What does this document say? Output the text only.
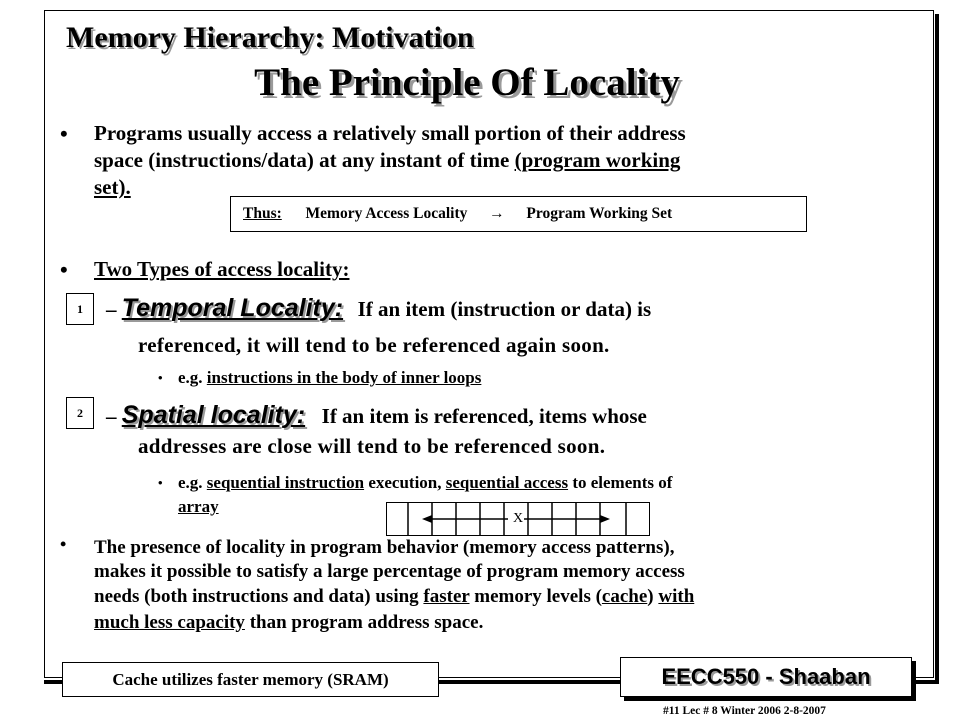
Memory Hierarchy: Motivation
The Principle Of Locality
• Programs usually access a relatively small portion of their address
space (instructions/data) at any instant of time (program working
set).
Thus: Memory Access Locality → Program Working Set
• Two Types of access locality:
1	– Temporal Locality: If an item (instruction or data) is
referenced, it will tend to be referenced again soon.
• e.g. instructions in the body of inner loops
2	– Spatial locality: If an item is referenced, items whose
addresses are close will tend to be referenced soon.
• e.g. sequential instruction execution, sequential access to elements of
array
X
• The presence of locality in program behavior (memory access patterns),
makes it possible to satisfy a large percentage of program memory access
needs (both instructions and data) using faster memory levels (cache) with
much less capacity than program address space.
Cache utilizes faster memory (SRAM)	EECC550 - Shaaban
#11 Lec # 8 Winter 2006 2-8-2007
